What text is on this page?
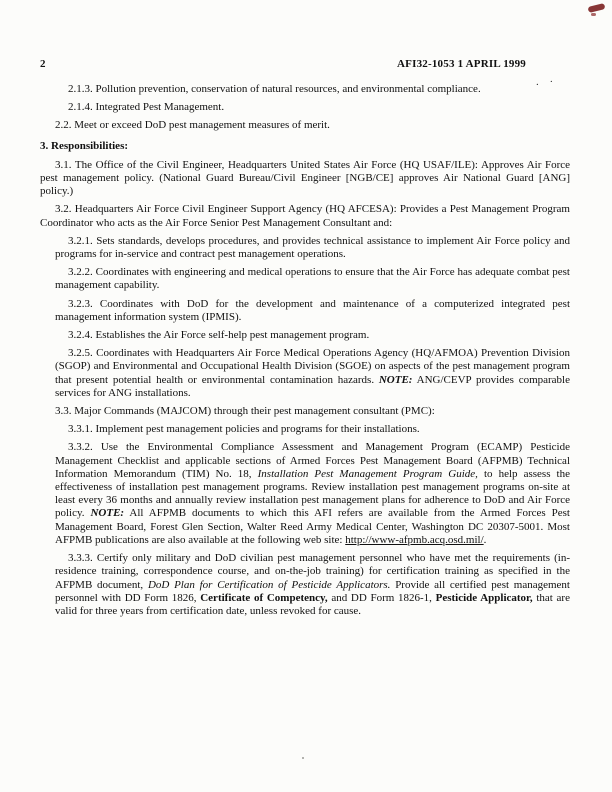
2	AFI32-1053 1 APRIL 1999
. ·

2.1.3. Pollution prevention, conservation of natural resources, and environmental compliance.

2.1.4. Integrated Pest Management.

2.2. Meet or exceed DoD pest management measures of merit.

3. Responsibilities:

3.1. The Office of the Civil Engineer, Headquarters United States Air Force (HQ USAF/ILE): Approves Air Force pest management policy. (National Guard Bureau/Civil Engineer [NGB/CE] approves Air National Guard [ANG] policy.)

3.2. Headquarters Air Force Civil Engineer Support Agency (HQ AFCESA): Provides a Pest Management Program Coordinator who acts as the Air Force Senior Pest Management Consultant and:

3.2.1. Sets standards, develops procedures, and provides technical assistance to implement Air Force policy and programs for in-service and contract pest management operations.

3.2.2. Coordinates with engineering and medical operations to ensure that the Air Force has adequate combat pest management capability.

3.2.3. Coordinates with DoD for the development and maintenance of a computerized integrated pest management information system (IPMIS).

3.2.4. Establishes the Air Force self-help pest management program.

3.2.5. Coordinates with Headquarters Air Force Medical Operations Agency (HQ/AFMOA) Prevention Division (SGOP) and Environmental and Occupational Health Division (SGOE) on aspects of the pest management program that present potential health or environmental contamination hazards. NOTE: ANG/CEVP provides comparable services for ANG installations.

3.3. Major Commands (MAJCOM) through their pest management consultant (PMC):

3.3.1. Implement pest management policies and programs for their installations.

3.3.2. Use the Environmental Compliance Assessment and Management Program (ECAMP) Pesticide Management Checklist and applicable sections of Armed Forces Pest Management Board (AFPMB) Technical Information Memorandum (TIM) No. 18, Installation Pest Management Program Guide, to help assess the effectiveness of installation pest management programs. Review installation pest management programs on-site at least every 36 months and annually review installation pest management plans for adherence to DoD and Air Force policy. NOTE: All AFPMB documents to which this AFI refers are available from the Armed Forces Pest Management Board, Forest Glen Section, Walter Reed Army Medical Center, Washington DC 20307-5001. Most AFPMB publications are also available at the following web site: http://www-afpmb.acq.osd.mil/.

3.3.3. Certify only military and DoD civilian pest management personnel who have met the requirements (in-residence training, correspondence course, and on-the-job training) for certification training as specified in the AFPMB document, DoD Plan for Certification of Pesticide Applicators. Provide all certified pest management personnel with DD Form 1826, Certificate of Competency, and DD Form 1826-1, Pesticide Applicator, that are valid for three years from certification date, unless revoked for cause.
